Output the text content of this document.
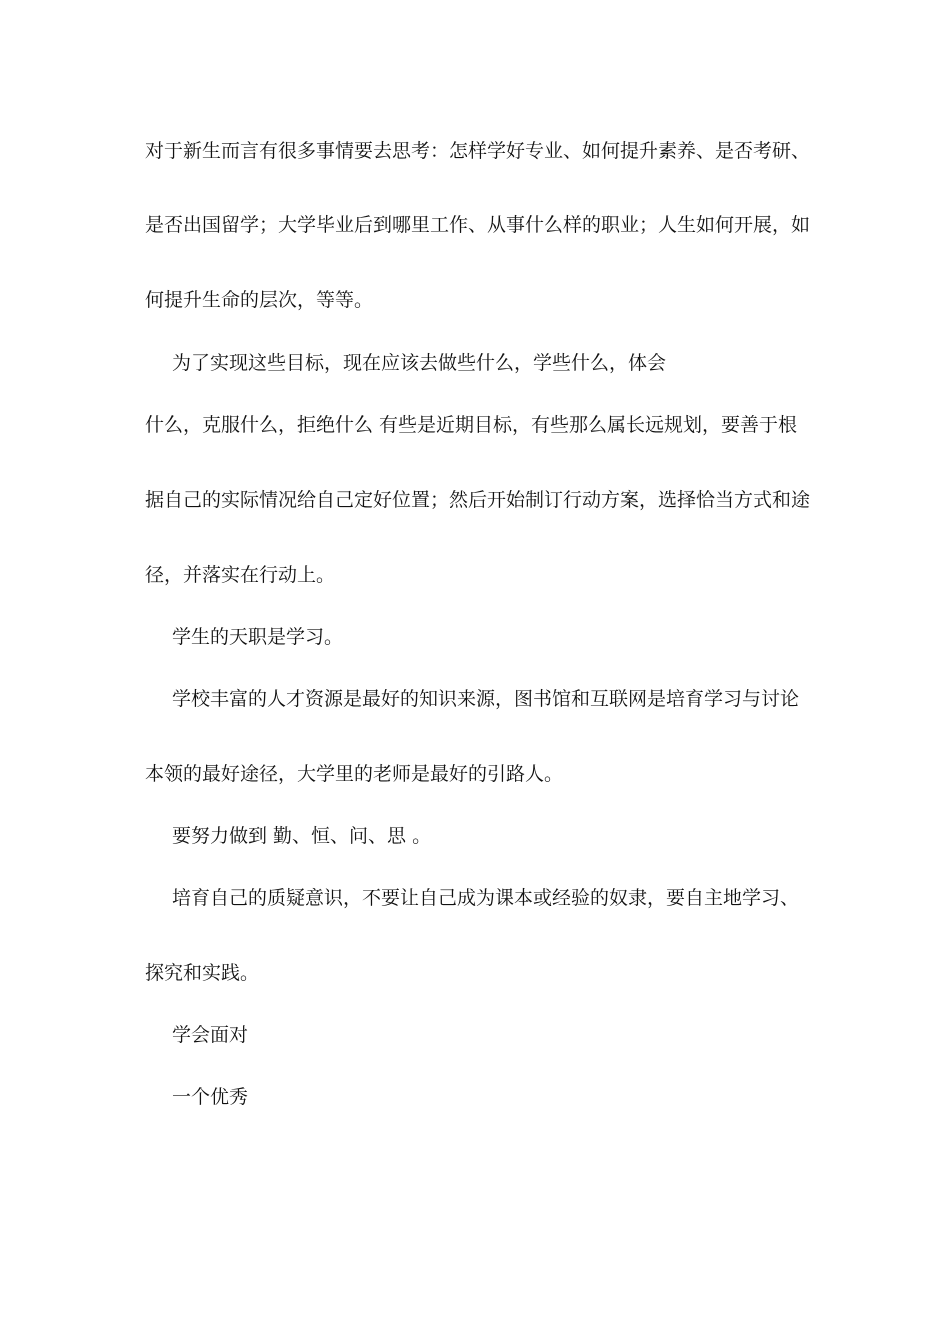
对于新生而言有很多事情要去思考：怎样学好专业、如何提升素养、是否考研、
是否出国留学；大学毕业后到哪里工作、从事什么样的职业；人生如何开展，如
何提升生命的层次，等等。
为了实现这些目标，现在应该去做些什么，学些什么，体会
什么，克服什么，拒绝什么 有些是近期目标，有些那么属长远规划，要善于根
据自己的实际情况给自己定好位置；然后开始制订行动方案，选择恰当方式和途
径，并落实在行动上。
学生的天职是学习。
学校丰富的人才资源是最好的知识来源，图书馆和互联网是培育学习与讨论
本领的最好途径，大学里的老师是最好的引路人。
要努力做到 勤、恒、问、思 。
培育自己的质疑意识，不要让自己成为课本或经验的奴隶，要自主地学习、
探究和实践。
学会面对
一个优秀
